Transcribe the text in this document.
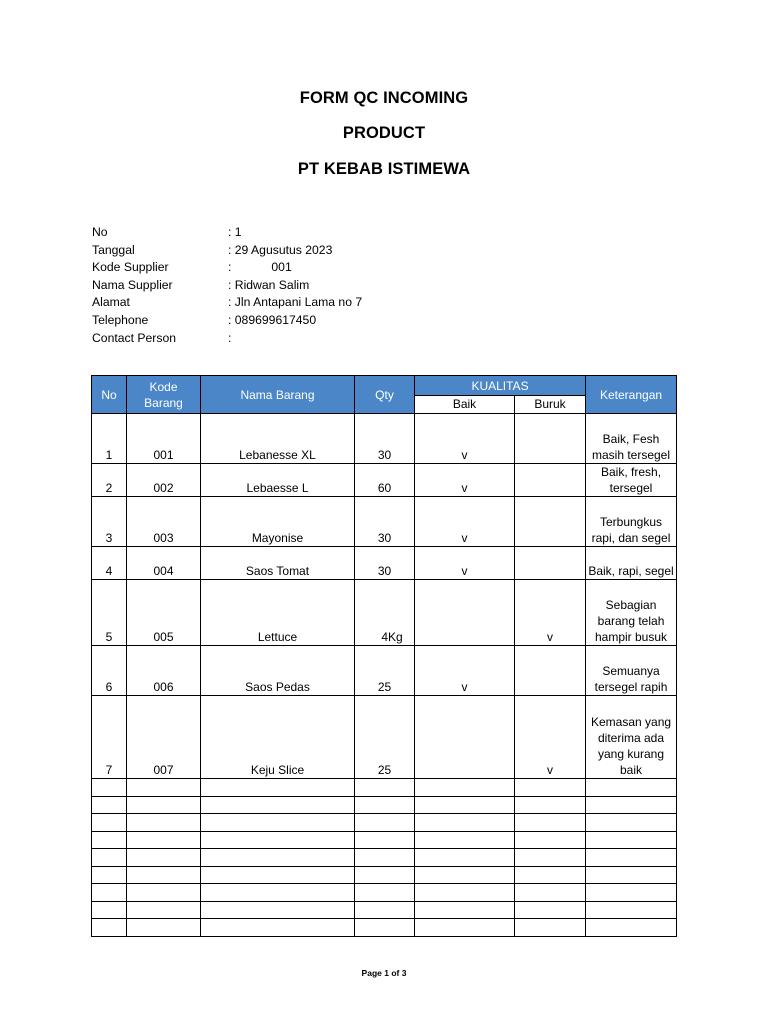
FORM QC INCOMING
PRODUCT
PT KEBAB ISTIMEWA
No	: 1
Tanggal	: 29 Agusutus 2023
Kode Supplier	:	001
Nama Supplier	: Ridwan Salim
Alamat	: Jln Antapani Lama no 7
Telephone	: 089699617450
Contact Person	:
No	Kode Barang	Nama Barang	Qty	KUALITAS		Keterangan
				Baik	Buruk	
1	001	Lebanesse XL	30	v		Baik, Fesh masih tersegel
2	002	Lebaesse L	60	v		Baik, fresh, tersegel
3	003	Mayonise	30	v		Terbungkus rapi, dan segel
4	004	Saos Tomat	30	v		Baik, rapi, segel
5	005	Lettuce	4Kg		v	Sebagian barang telah hampir busuk
6	006	Saos Pedas	25	v		Semuanya tersegel rapih
7	007	Keju Slice	25		v	Kemasan yang diterima ada yang kurang baik

Page 1 of 3
